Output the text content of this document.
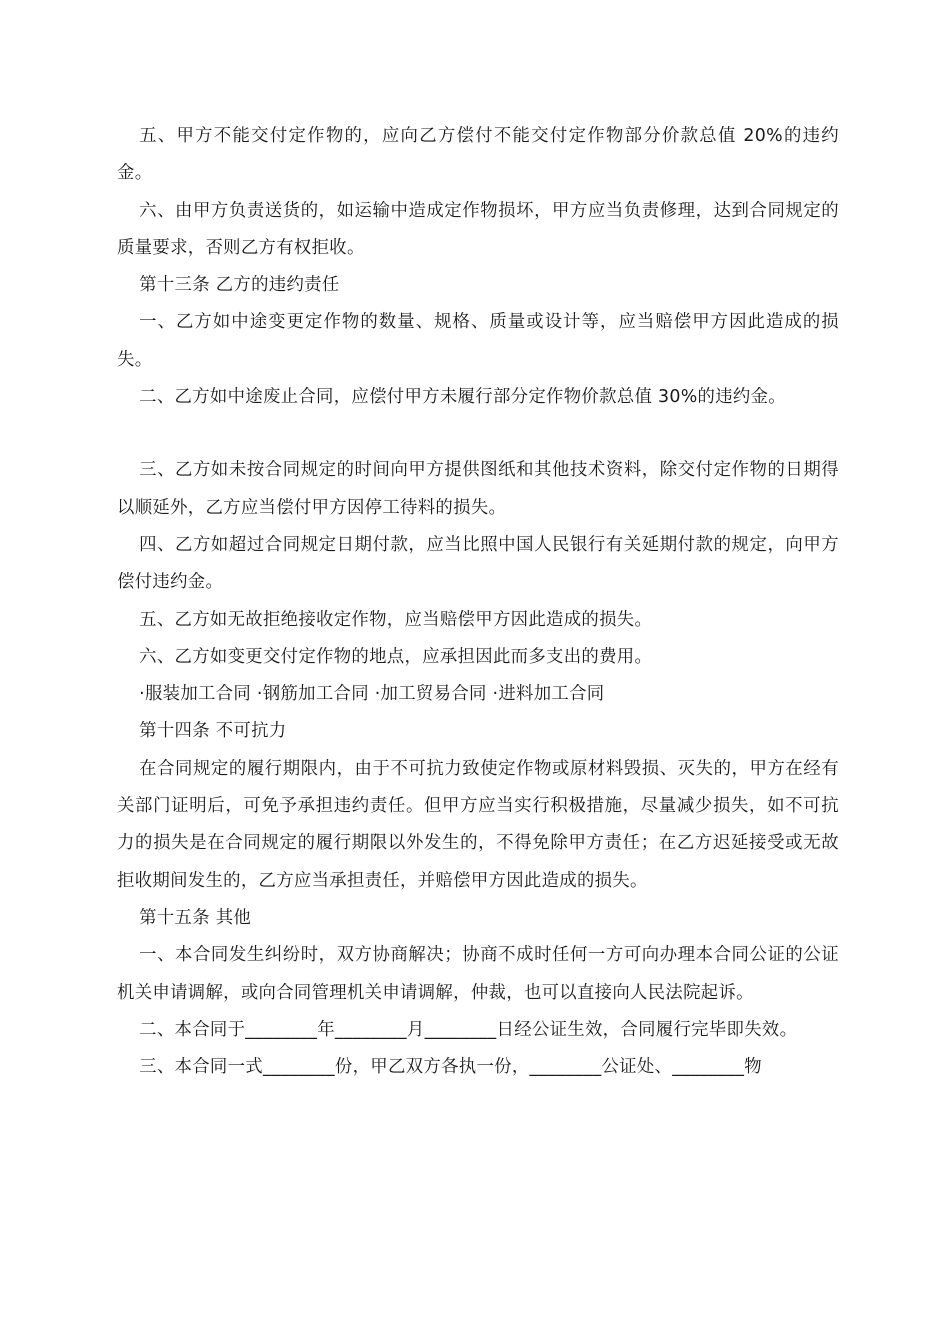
五、甲方不能交付定作物的，应向乙方偿付不能交付定作物部分价款总值 20%的违约金。

六、由甲方负责送货的，如运输中造成定作物损坏，甲方应当负责修理，达到合同规定的质量要求，否则乙方有权拒收。

第十三条 乙方的违约责任

一、乙方如中途变更定作物的数量、规格、质量或设计等，应当赔偿甲方因此造成的损失。

二、乙方如中途废止合同，应偿付甲方未履行部分定作物价款总值 30%的违约金。

三、乙方如未按合同规定的时间向甲方提供图纸和其他技术资料，除交付定作物的日期得以顺延外，乙方应当偿付甲方因停工待料的损失。

四、乙方如超过合同规定日期付款，应当比照中国人民银行有关延期付款的规定，向甲方偿付违约金。

五、乙方如无故拒绝接收定作物，应当赔偿甲方因此造成的损失。

六、乙方如变更交付定作物的地点，应承担因此而多支出的费用。

·服装加工合同 ·钢筋加工合同 ·加工贸易合同 ·进料加工合同

第十四条 不可抗力

在合同规定的履行期限内，由于不可抗力致使定作物或原材料毁损、灭失的，甲方在经有关部门证明后，可免予承担违约责任。但甲方应当实行积极措施，尽量减少损失，如不可抗力的损失是在合同规定的履行期限以外发生的，不得免除甲方责任；在乙方迟延接受或无故拒收期间发生的，乙方应当承担责任，并赔偿甲方因此造成的损失。

第十五条 其他

一、本合同发生纠纷时，双方协商解决；协商不成时任何一方可向办理本合同公证的公证机关申请调解，或向合同管理机关申请调解，仲裁，也可以直接向人民法院起诉。

二、本合同于________年________月________日经公证生效，合同履行完毕即失效。

三、本合同一式________份，甲乙双方各执一份，________公证处、________物
